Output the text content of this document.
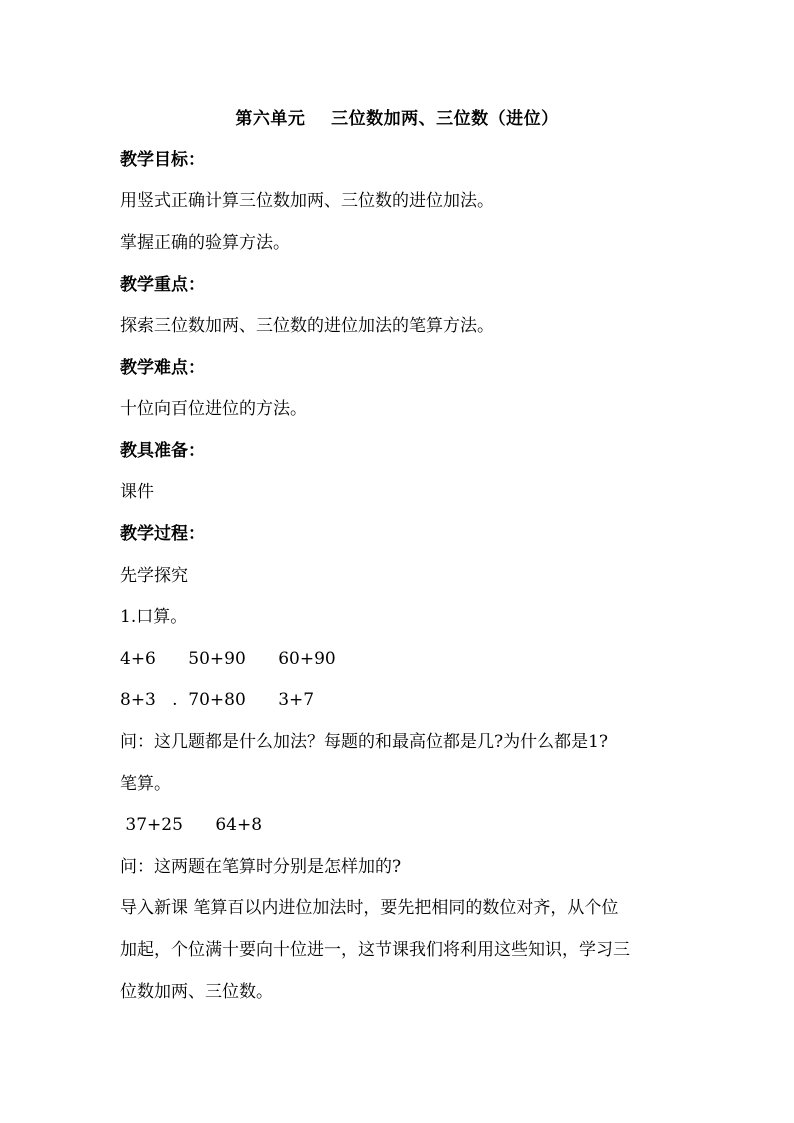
第六单元    三位数加两、三位数（进位）
教学目标：
用竖式正确计算三位数加两、三位数的进位加法。
掌握正确的验算方法。
教学重点：
探索三位数加两、三位数的进位加法的笔算方法。
教学难点：
十位向百位进位的方法。
教具准备：
课件
教学过程：
先学探究
1.口算。
4+6      50+90      60+90
8+3   .  70+80      3+7
问：这几题都是什么加法？每题的和最高位都是几?为什么都是1?
笔算。
37+25      64+8
问：这两题在笔算时分别是怎样加的?
导入新课 笔算百以内进位加法时，要先把相同的数位对齐，从个位
加起，个位满十要向十位进一，这节课我们将利用这些知识，学习三
位数加两、三位数。
